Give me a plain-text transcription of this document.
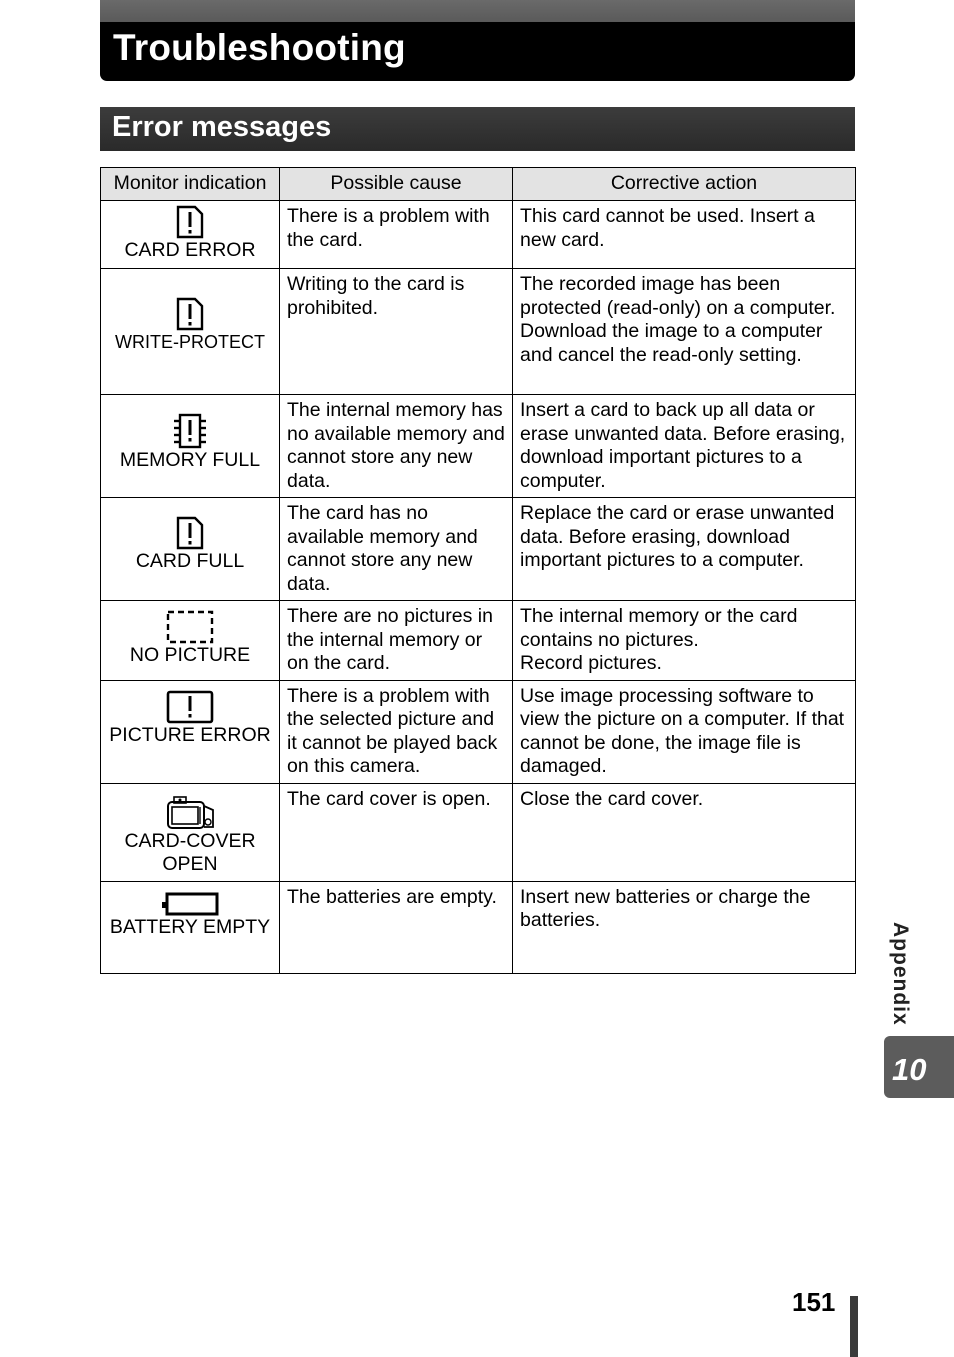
Troubleshooting
Error messages
Monitor indication	Possible cause	Corrective action

CARD ERROR	There is a problem with the card.	This card cannot be used. Insert a new card.

WRITE-PROTECT	Writing to the card is prohibited.	The recorded image has been protected (read-only) on a computer. Download the image to a computer and cancel the read-only setting.

MEMORY FULL	The internal memory has no available memory and cannot store any new data.	Insert a card to back up all data or erase unwanted data. Before erasing, download important pictures to a computer.

CARD FULL	The card has no available memory and cannot store any new data.	Replace the card or erase unwanted data. Before erasing, download important pictures to a computer.

NO PICTURE	There are no pictures in the internal memory or on the card.	The internal memory or the card contains no pictures.
Record pictures.

PICTURE ERROR	There is a problem with the selected picture and it cannot be played back on this camera.	Use image processing software to view the picture on a computer. If that cannot be done, the image file is damaged.

CARD-COVER OPEN	The card cover is open.	Close the card cover.

BATTERY EMPTY	The batteries are empty.	Insert new batteries or charge the batteries.
Appendix
10
151
